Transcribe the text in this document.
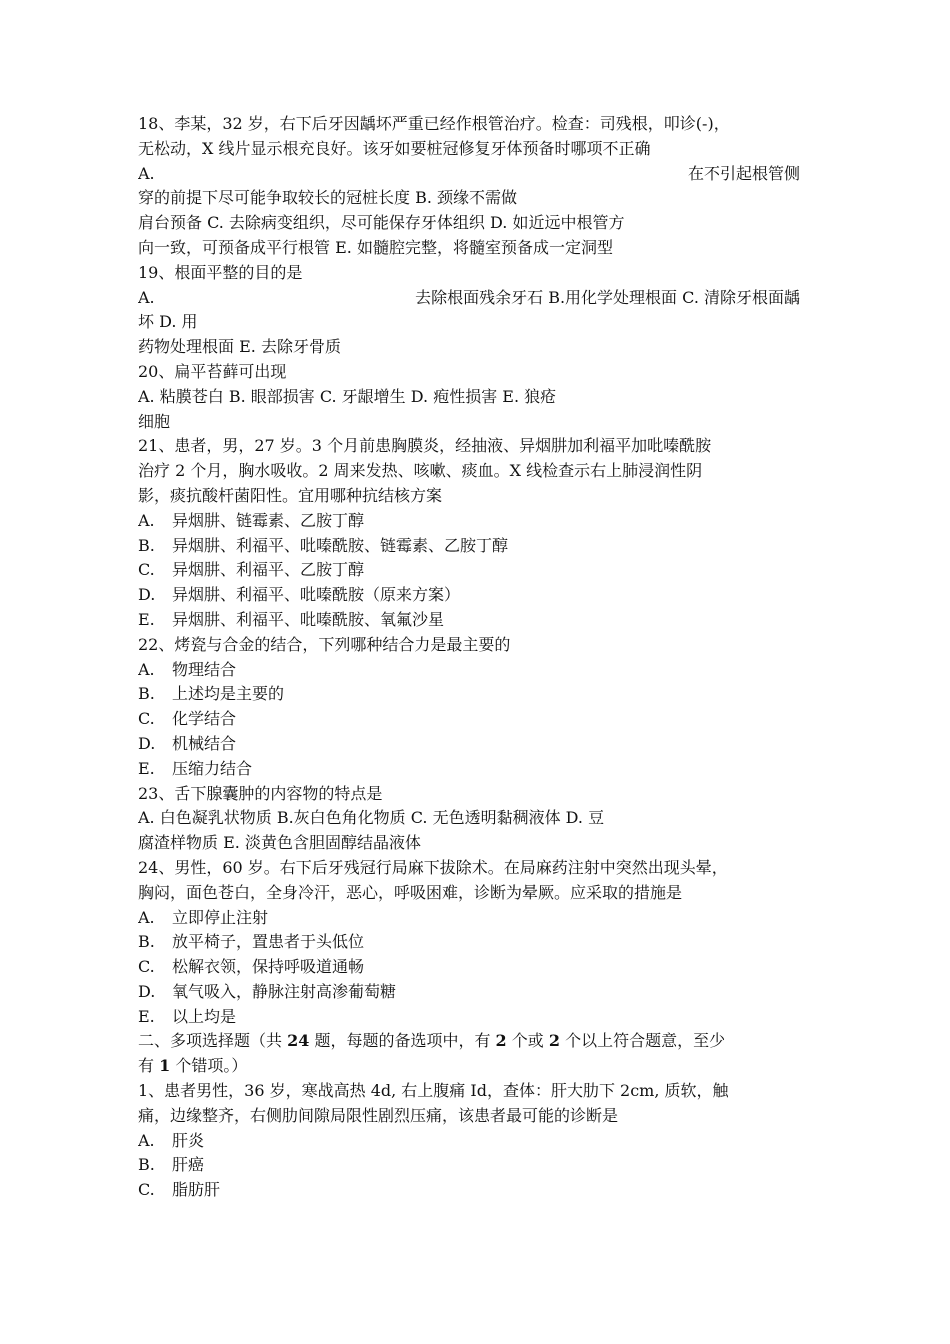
18、李某，32 岁，右下后牙因龋坏严重已经作根管治疗。检查：司残根，叩诊(-)，
无松动，X 线片显示根充良好。该牙如要桩冠修复牙体预备时哪项不正确
A.	在不引起根管侧
穿的前提下尽可能争取较长的冠桩长度 B. 颈缘不需做
肩台预备 C. 去除病变组织，尽可能保存牙体组织 D. 如近远中根管方
向一致，可预备成平行根管 E. 如髓腔完整，将髓室预备成一定洞型
19、根面平整的目的是
A.	去除根面残余牙石 B.用化学处理根面 C. 清除牙根面龋
坏 D. 用
药物处理根面 E. 去除牙骨质
20、扁平苔藓可出现
A. 粘膜苍白 B. 眼部损害 C. 牙龈增生 D. 疱性损害 E. 狼疮
细胞
21、患者，男，27 岁。3 个月前患胸膜炎，经抽液、异烟肼加利福平加吡嗪酰胺
治疗 2 个月，胸水吸收。2 周来发热、咳嗽、痰血。X 线检查示右上肺浸润性阴
影，痰抗酸杆菌阳性。宜用哪种抗结核方案
A.	异烟肼、链霉素、乙胺丁醇
B.	异烟肼、利福平、吡嗪酰胺、链霉素、乙胺丁醇
C.	异烟肼、利福平、乙胺丁醇
D.	异烟肼、利福平、吡嗪酰胺（原来方案）
E.	异烟肼、利福平、吡嗪酰胺、氧氟沙星
22、烤瓷与合金的结合，下列哪种结合力是最主要的
A.	物理结合
B.	上述均是主要的
C.	化学结合
D.	机械结合
E.	压缩力结合
23、舌下腺囊肿的内容物的特点是
A. 白色凝乳状物质 B.灰白色角化物质 C. 无色透明黏稠液体 D. 豆
腐渣样物质 E. 淡黄色含胆固醇结晶液体
24、男性，60 岁。右下后牙残冠行局麻下拔除术。在局麻药注射中突然出现头晕，
胸闷，面色苍白，全身冷汗，恶心，呼吸困难，诊断为晕厥。应采取的措施是
A.	立即停止注射
B.	放平椅子，置患者于头低位
C.	松解衣领，保持呼吸道通畅
D.	氧气吸入，静脉注射高渗葡萄糖
E.	以上均是
二、多项选择题（共 24 题，每题的备选项中，有 2 个或 2 个以上符合题意，至少
有 1 个错项。）
1、患者男性，36 岁，寒战高热 4d, 右上腹痛 Id，查体：肝大肋下 2cm, 质软，触
痛，边缘整齐，右侧肋间隙局限性剧烈压痛，该患者最可能的诊断是
A.	肝炎
B.	肝癌
C.	脂肪肝
